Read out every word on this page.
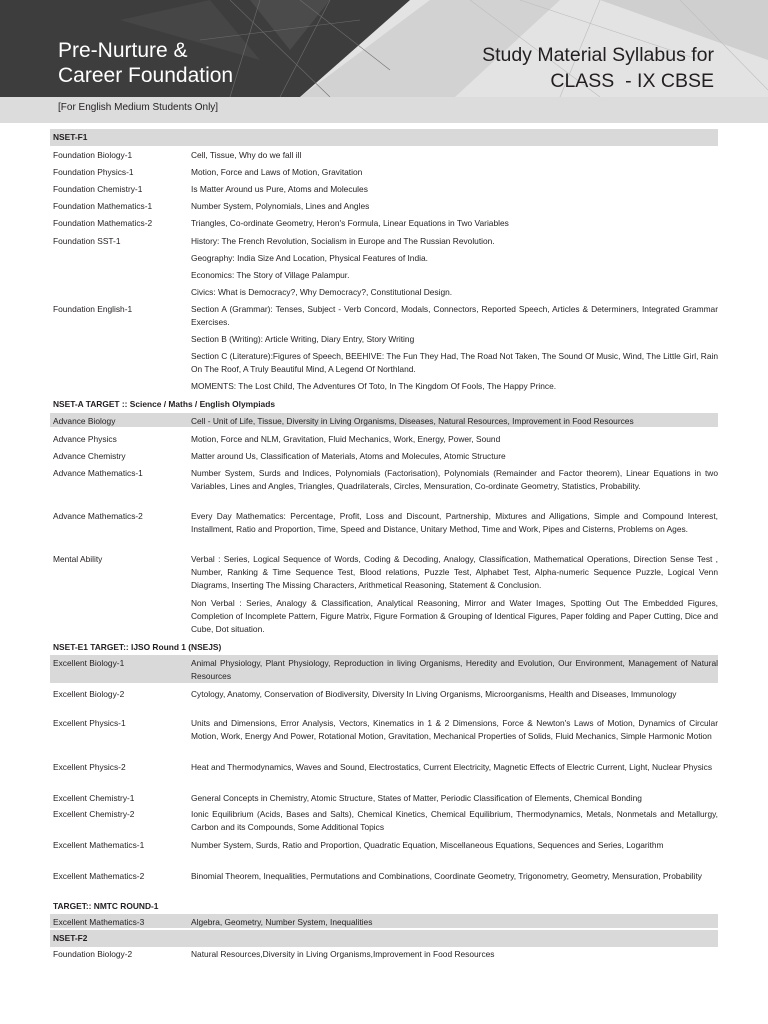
Pre-Nurture &
Career Foundation
Study Material Syllabus for
CLASS  - IX CBSE
[For English Medium Students Only]
NSET-F1
Foundation Biology-1	Cell, Tissue, Why do we fall ill
Foundation Physics-1	Motion, Force and Laws of Motion, Gravitation
Foundation Chemistry-1	Is Matter Around us Pure, Atoms and Molecules
Foundation Mathematics-1	Number System, Polynomials, Lines and Angles
Foundation Mathematics-2	Triangles, Co-ordinate Geometry, Heron's Formula, Linear Equations in Two Variables
Foundation SST-1	History: The French Revolution, Socialism in Europe and The Russian Revolution.
Geography: India Size And Location, Physical Features of India.
Economics: The Story of Village Palampur.
Civics: What is Democracy?, Why Democracy?, Constitutional Design.
Foundation English-1	Section A (Grammar): Tenses, Subject - Verb Concord, Modals, Connectors, Reported Speech, Articles & Determiners, Integrated Grammar Exercises.
Section B (Writing): Article Writing, Diary Entry, Story Writing
Section C (Literature):Figures of Speech, BEEHIVE: The Fun They Had, The Road Not Taken, The Sound Of Music, Wind, The Little Girl, Rain On The Roof, A Truly Beautiful Mind, A Legend Of Northland.
MOMENTS: The Lost Child, The Adventures Of Toto, In The Kingdom Of Fools, The Happy Prince.
NSET-A TARGET :: Science / Maths / English Olympiads
Advance Biology	Cell - Unit of Life, Tissue, Diversity in Living Organisms, Diseases, Natural Resources, Improvement in Food Resources
Advance Physics	Motion, Force and NLM, Gravitation, Fluid Mechanics, Work, Energy, Power, Sound
Advance Chemistry	Matter around Us, Classification of Materials, Atoms and Molecules, Atomic Structure
Advance Mathematics-1	Number System, Surds and Indices, Polynomials (Factorisation), Polynomials (Remainder and Factor theorem), Linear Equations in two Variables, Lines and Angles, Triangles, Quadrilaterals, Circles, Mensuration, Co-ordinate Geometry, Statistics, Probability.
Advance Mathematics-2	Every Day Mathematics: Percentage, Profit, Loss and Discount, Partnership, Mixtures and Alligations, Simple and Compound Interest, Installment, Ratio and Proportion, Time, Speed and Distance, Unitary Method, Time and Work, Pipes and Cisterns, Problems on Ages.
Mental Ability	Verbal : Series, Logical Sequence of Words, Coding & Decoding, Analogy, Classification, Mathematical Operations, Direction Sense Test , Number, Ranking & Time Sequence Test, Blood relations, Puzzle Test, Alphabet Test, Alpha-numeric Sequence Puzzle, Logical Venn Diagrams, Inserting The Missing Characters, Arithmetical Reasoning, Statement & Conclusion.
Non Verbal : Series, Analogy & Classification, Analytical Reasoning, Mirror and Water Images, Spotting Out The Embedded Figures, Completion of Incomplete Pattern, Figure Matrix, Figure Formation & Grouping of Identical Figures, Paper folding and Paper Cutting, Dice and Cube, Dot situation.
NSET-E1 TARGET:: IJSO Round 1 (NSEJS)
Excellent Biology-1	Animal Physiology, Plant Physiology, Reproduction in living Organisms, Heredity and Evolution, Our Environment, Management of Natural Resources
Excellent Biology-2	Cytology, Anatomy, Conservation of Biodiversity, Diversity In Living Organisms, Microorganisms, Health and Diseases, Immunology
Excellent Physics-1	Units and Dimensions, Error Analysis, Vectors, Kinematics in 1 & 2 Dimensions, Force & Newton's Laws of Motion, Dynamics of Circular Motion, Work, Energy And Power, Rotational Motion, Gravitation, Mechanical Properties of Solids, Fluid Mechanics, Simple Harmonic Motion
Excellent Physics-2	Heat and Thermodynamics, Waves and Sound, Electrostatics, Current Electricity, Magnetic Effects of Electric Current, Light, Nuclear Physics
Excellent Chemistry-1	General Concepts in Chemistry, Atomic Structure, States of Matter, Periodic Classification of Elements, Chemical Bonding
Excellent Chemistry-2	Ionic Equilibrium (Acids, Bases and Salts), Chemical Kinetics, Chemical Equilibrium, Thermodynamics, Metals, Nonmetals and Metallurgy, Carbon and its Compounds, Some Additional Topics
Excellent Mathematics-1	Number System, Surds, Ratio and Proportion, Quadratic Equation, Miscellaneous Equations, Sequences and Series, Logarithm
Excellent Mathematics-2	Binomial Theorem, Inequalities, Permutations and Combinations, Coordinate Geometry, Trigonometry, Geometry, Mensuration, Probability
TARGET:: NMTC ROUND-1
Excellent Mathematics-3	Algebra, Geometry, Number System, Inequalities
NSET-F2
Foundation Biology-2	Natural Resources,Diversity in Living Organisms,Improvement in Food Resources
